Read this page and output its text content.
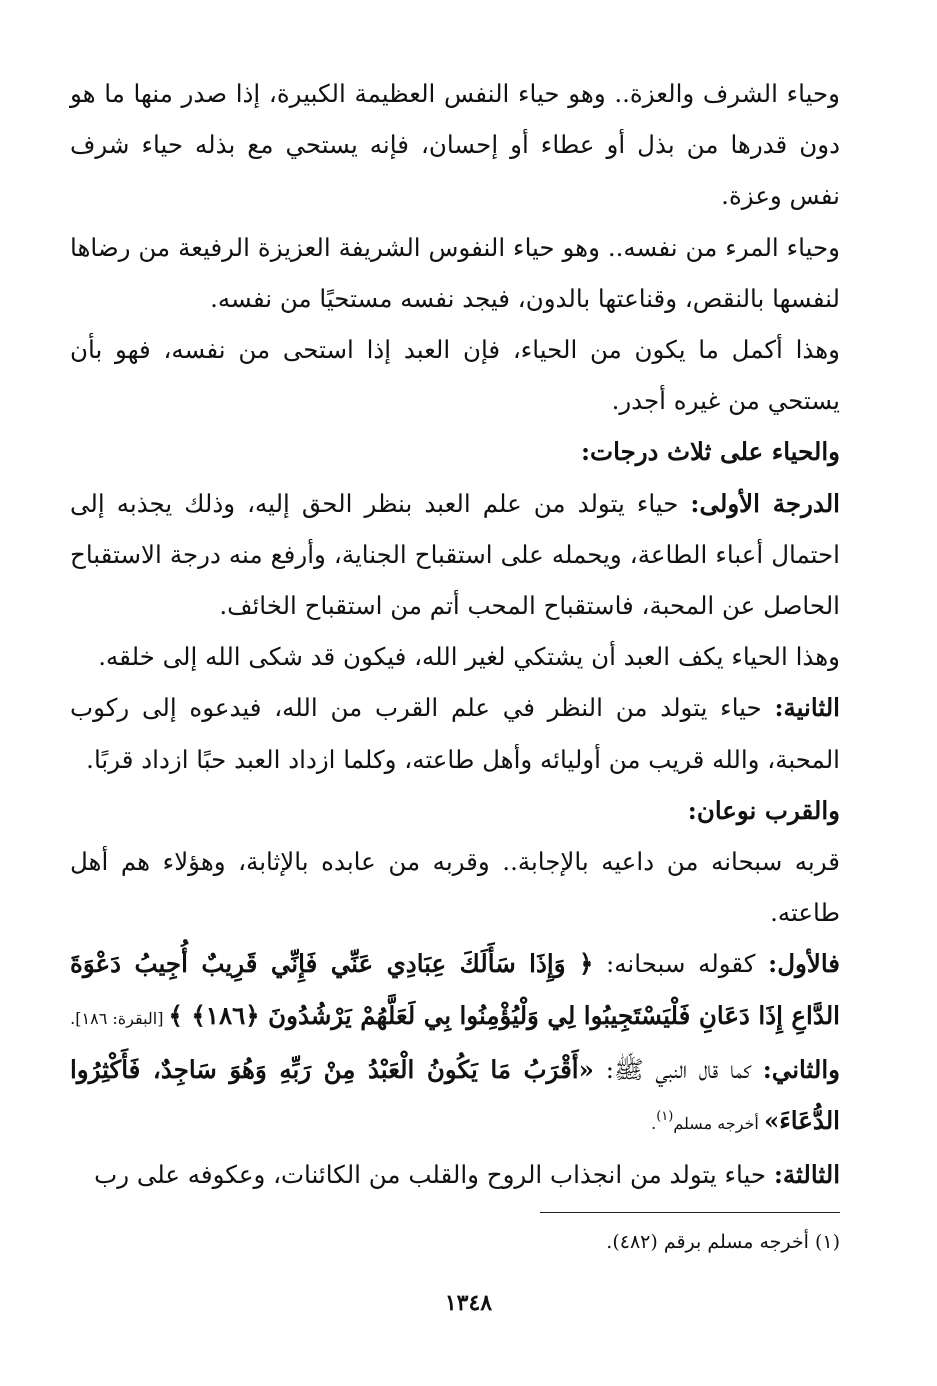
وحياء الشرف والعزة.. وهو حياء النفس العظيمة الكبيرة، إذا صدر منها ما هو دون قدرها من بذل أو عطاء أو إحسان، فإنه يستحي مع بذله حياء شرف نفس وعزة.

وحياء المرء من نفسه.. وهو حياء النفوس الشريفة العزيزة الرفيعة من رضاها لنفسها بالنقص، وقناعتها بالدون، فيجد نفسه مستحيًا من نفسه.

وهذا أكمل ما يكون من الحياء، فإن العبد إذا استحى من نفسه، فهو بأن يستحي من غيره أجدر.

والحياء على ثلاث درجات:

الدرجة الأولى: حياء يتولد من علم العبد بنظر الحق إليه، وذلك يجذبه إلى احتمال أعباء الطاعة، ويحمله على استقباح الجناية، وأرفع منه درجة الاستقباح الحاصل عن المحبة، فاستقباح المحب أتم من استقباح الخائف.

وهذا الحياء يكف العبد أن يشتكي لغير الله، فيكون قد شكى الله إلى خلقه.

الثانية: حياء يتولد من النظر في علم القرب من الله، فيدعوه إلى ركوب المحبة، والله قريب من أوليائه وأهل طاعته، وكلما ازداد العبد حبًا ازداد قربًا.

والقرب نوعان:

قربه سبحانه من داعيه بالإجابة.. وقربه من عابده بالإثابة، وهؤلاء هم أهل طاعته.

فالأول: كقوله سبحانه: ﴿ وَإِذَا سَأَلَكَ عِبَادِي عَنِّي فَإِنِّي قَرِيبٌ أُجِيبُ دَعْوَةَ الدَّاعِ إِذَا دَعَانِ فَلْيَسْتَجِيبُوا لِي وَلْيُؤْمِنُوا بِي لَعَلَّهُمْ يَرْشُدُونَ ﴿١٨٦﴾ ﴾ [البقرة: ١٨٦].

والثاني: كما قال النبي ﷺ: «أَقْرَبُ مَا يَكُونُ الْعَبْدُ مِنْ رَبِّهِ وَهُوَ سَاجِدٌ، فَأَكْثِرُوا الدُّعَاءَ» أخرجه مسلم$^{(١)}$.

الثالثة: حياء يتولد من انجذاب الروح والقلب من الكائنات، وعكوفه على رب

(١) أخرجه مسلم برقم (٤٨٢).
١٣٤٨
